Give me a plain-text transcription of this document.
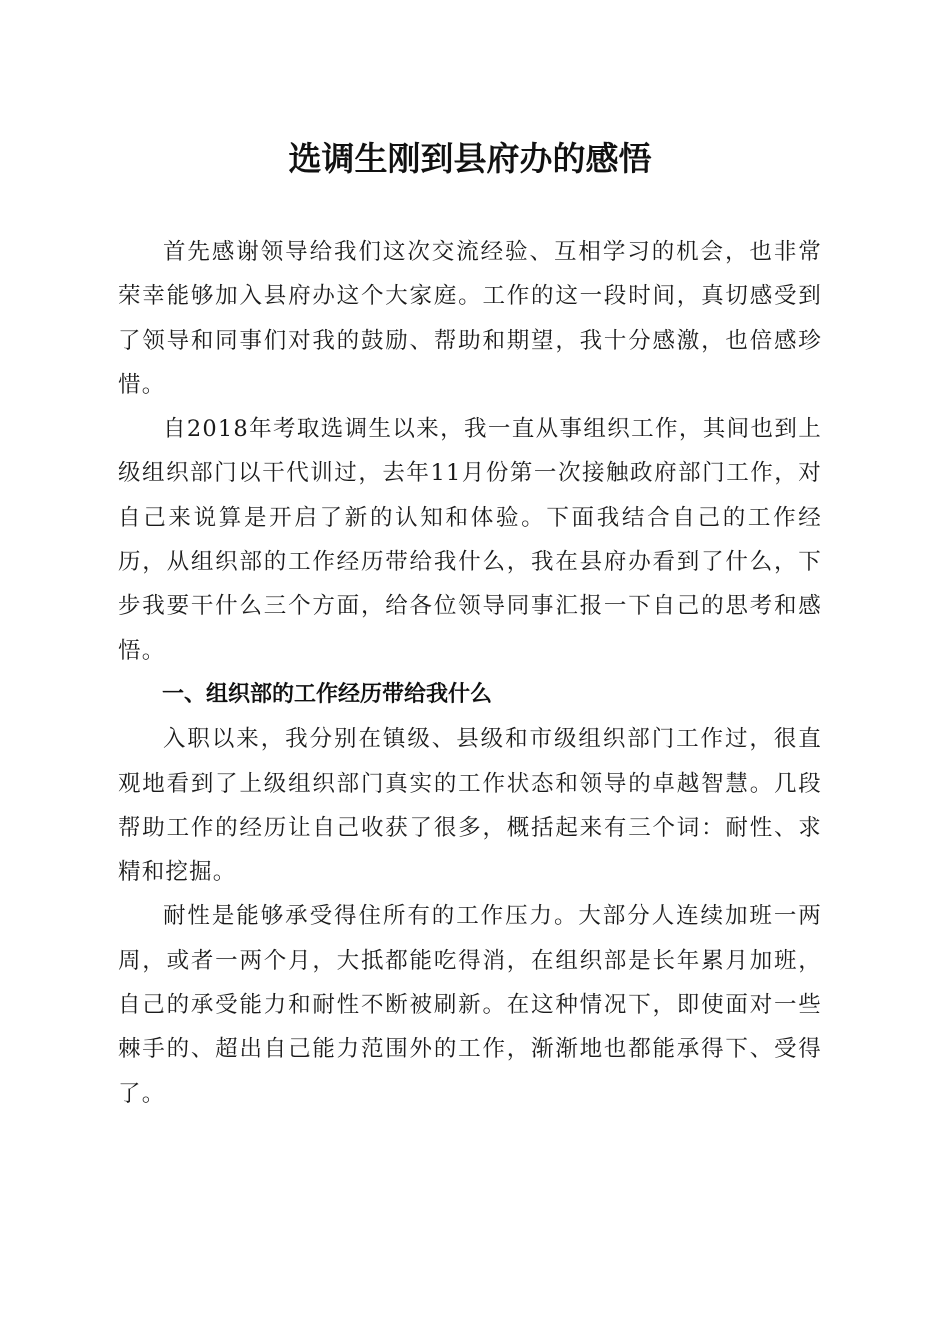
选调生刚到县府办的感悟

首先感谢领导给我们这次交流经验、互相学习的机会，也非常荣幸能够加入县府办这个大家庭。工作的这一段时间，真切感受到了领导和同事们对我的鼓励、帮助和期望，我十分感激，也倍感珍惜。

自2018年考取选调生以来，我一直从事组织工作，其间也到上级组织部门以干代训过，去年11月份第一次接触政府部门工作，对自己来说算是开启了新的认知和体验。下面我结合自己的工作经历，从组织部的工作经历带给我什么，我在县府办看到了什么，下步我要干什么三个方面，给各位领导同事汇报一下自己的思考和感悟。

一、组织部的工作经历带给我什么

入职以来，我分别在镇级、县级和市级组织部门工作过，很直观地看到了上级组织部门真实的工作状态和领导的卓越智慧。几段帮助工作的经历让自己收获了很多，概括起来有三个词：耐性、求精和挖掘。

耐性是能够承受得住所有的工作压力。大部分人连续加班一两周，或者一两个月，大抵都能吃得消，在组织部是长年累月加班，自己的承受能力和耐性不断被刷新。在这种情况下，即使面对一些棘手的、超出自己能力范围外的工作，渐渐地也都能承得下、受得了。
